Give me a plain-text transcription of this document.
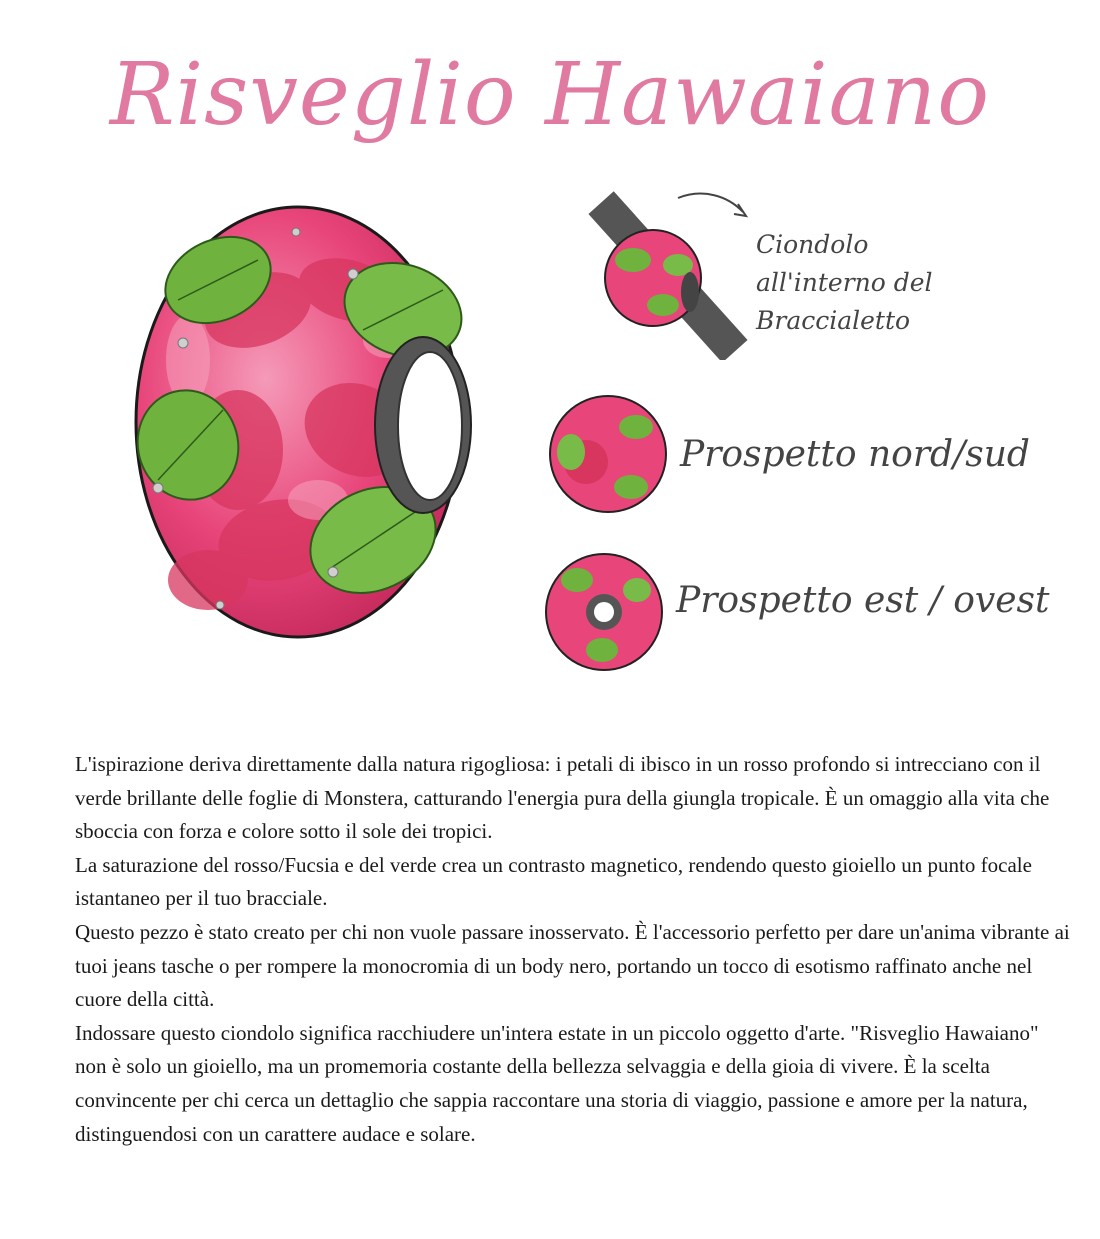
Risveglio Hawaiano
Ciondolo
all'interno del
Braccialetto
Prospetto nord/sud
Prospetto est / ovest

L'ispirazione deriva direttamente dalla natura rigogliosa: i petali di ibisco in un rosso profondo si intrecciano con il verde brillante delle foglie di Monstera, catturando l'energia pura della giungla tropicale. È un omaggio alla vita che sboccia con forza e colore sotto il sole dei tropici.

La saturazione del rosso/Fucsia e del verde crea un contrasto magnetico, rendendo questo gioiello un punto focale istantaneo per il tuo bracciale.

Questo pezzo è stato creato per chi non vuole passare inosservato. È l'accessorio perfetto per dare un'anima vibrante ai tuoi jeans tasche o per rompere la monocromia di un body nero, portando un tocco di esotismo raffinato anche nel cuore della città.

Indossare questo ciondolo significa racchiudere un'intera estate in un piccolo oggetto d'arte. "Risveglio Hawaiano" non è solo un gioiello, ma un promemoria costante della bellezza selvaggia e della gioia di vivere. È la scelta convincente per chi cerca un dettaglio che sappia raccontare una storia di viaggio, passione e amore per la natura, distinguendosi con un carattere audace e solare.
